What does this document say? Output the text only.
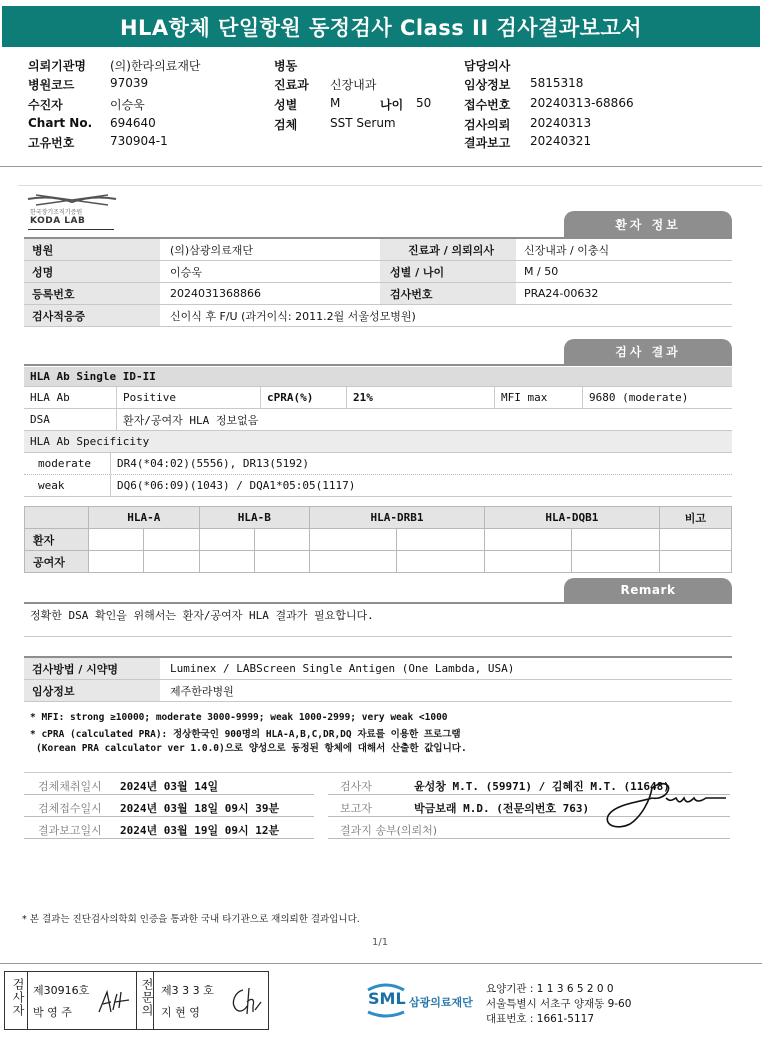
HLA항체 단일항원 동정검사 Class II 검사결과보고서
의뢰기관명 (의)한라의료재단
병원코드	97039
수진자	이승욱
Chart No. 694640
고유번호	730904-1
병동
진료과 신장내과
성별	M	나이 50
검체	SST Serum
담당의사
임상정보 5815318
접수번호 20240313-68866
검사의뢰 20240313
결과보고 20240321
한국장기조직기증원
KODA LAB	환자 정보
병원	(의)삼광의료재단	진료과 / 의뢰의사	신장내과 / 이충식
성명	이승욱	성별 / 나이	M / 50
등록번호	2024031368866	검사번호	PRA24-00632
검사적응증	신이식 후 F/U (과거이식: 2011.2월 서울성모병원)
검사 결과
HLA Ab Single ID-II
HLA Ab	Positive	cPRA(%)	21%	MFI max	9680 (moderate)
DSA	환자/공여자 HLA 정보없음
HLA Ab Specificity
moderate	DR4(*04:02)(5556), DR13(5192)
weak	DQ6(*06:09)(1043) / DQA1*05:05(1117)
	HLA-A		HLA-B		HLA-DRB1		HLA-DQB1		비고
환자									
공여자									
Remark
정확한 DSA 확인을 위해서는 환자/공여자 HLA 결과가 필요합니다.
검사방법 / 시약명	Luminex / LABScreen Single Antigen (One Lambda, USA)
임상정보	제주한라병원
* MFI: strong ≥10000; moderate 3000-9999; weak 1000-2999; very weak <1000
* cPRA (calculated PRA): 정상한국인 900명의 HLA-A,B,C,DR,DQ 자료를 이용한 프로그램
(Korean PRA calculator ver 1.0.0)으로 양성으로 동정된 항체에 대해서 산출한 값입니다.
검체채취일시 2024년 03월 14일
검체접수일시 2024년 03월 18일 09시 39분
결과보고일시 2024년 03월 19일 09시 12분
검사자	윤성창 M.T. (59971) / 김혜진 M.T. (11648)
보고자	박금보래 M.D. (전문의번호 763)
결과지 송부(의뢰처)
* 본 결과는 진단검사의학회 인증을 통과한 국내 타기관으로 재의뢰한 결과입니다.
1/1
검사자 제30916호
박 영 주	전문의 제3 3 3 호
지 현 영
SML 삼광의료재단
요양기관 : 1 1 3 6 5 2 0 0
서울특별시 서초구 양재동 9-60
대표번호 : 1661-5117
